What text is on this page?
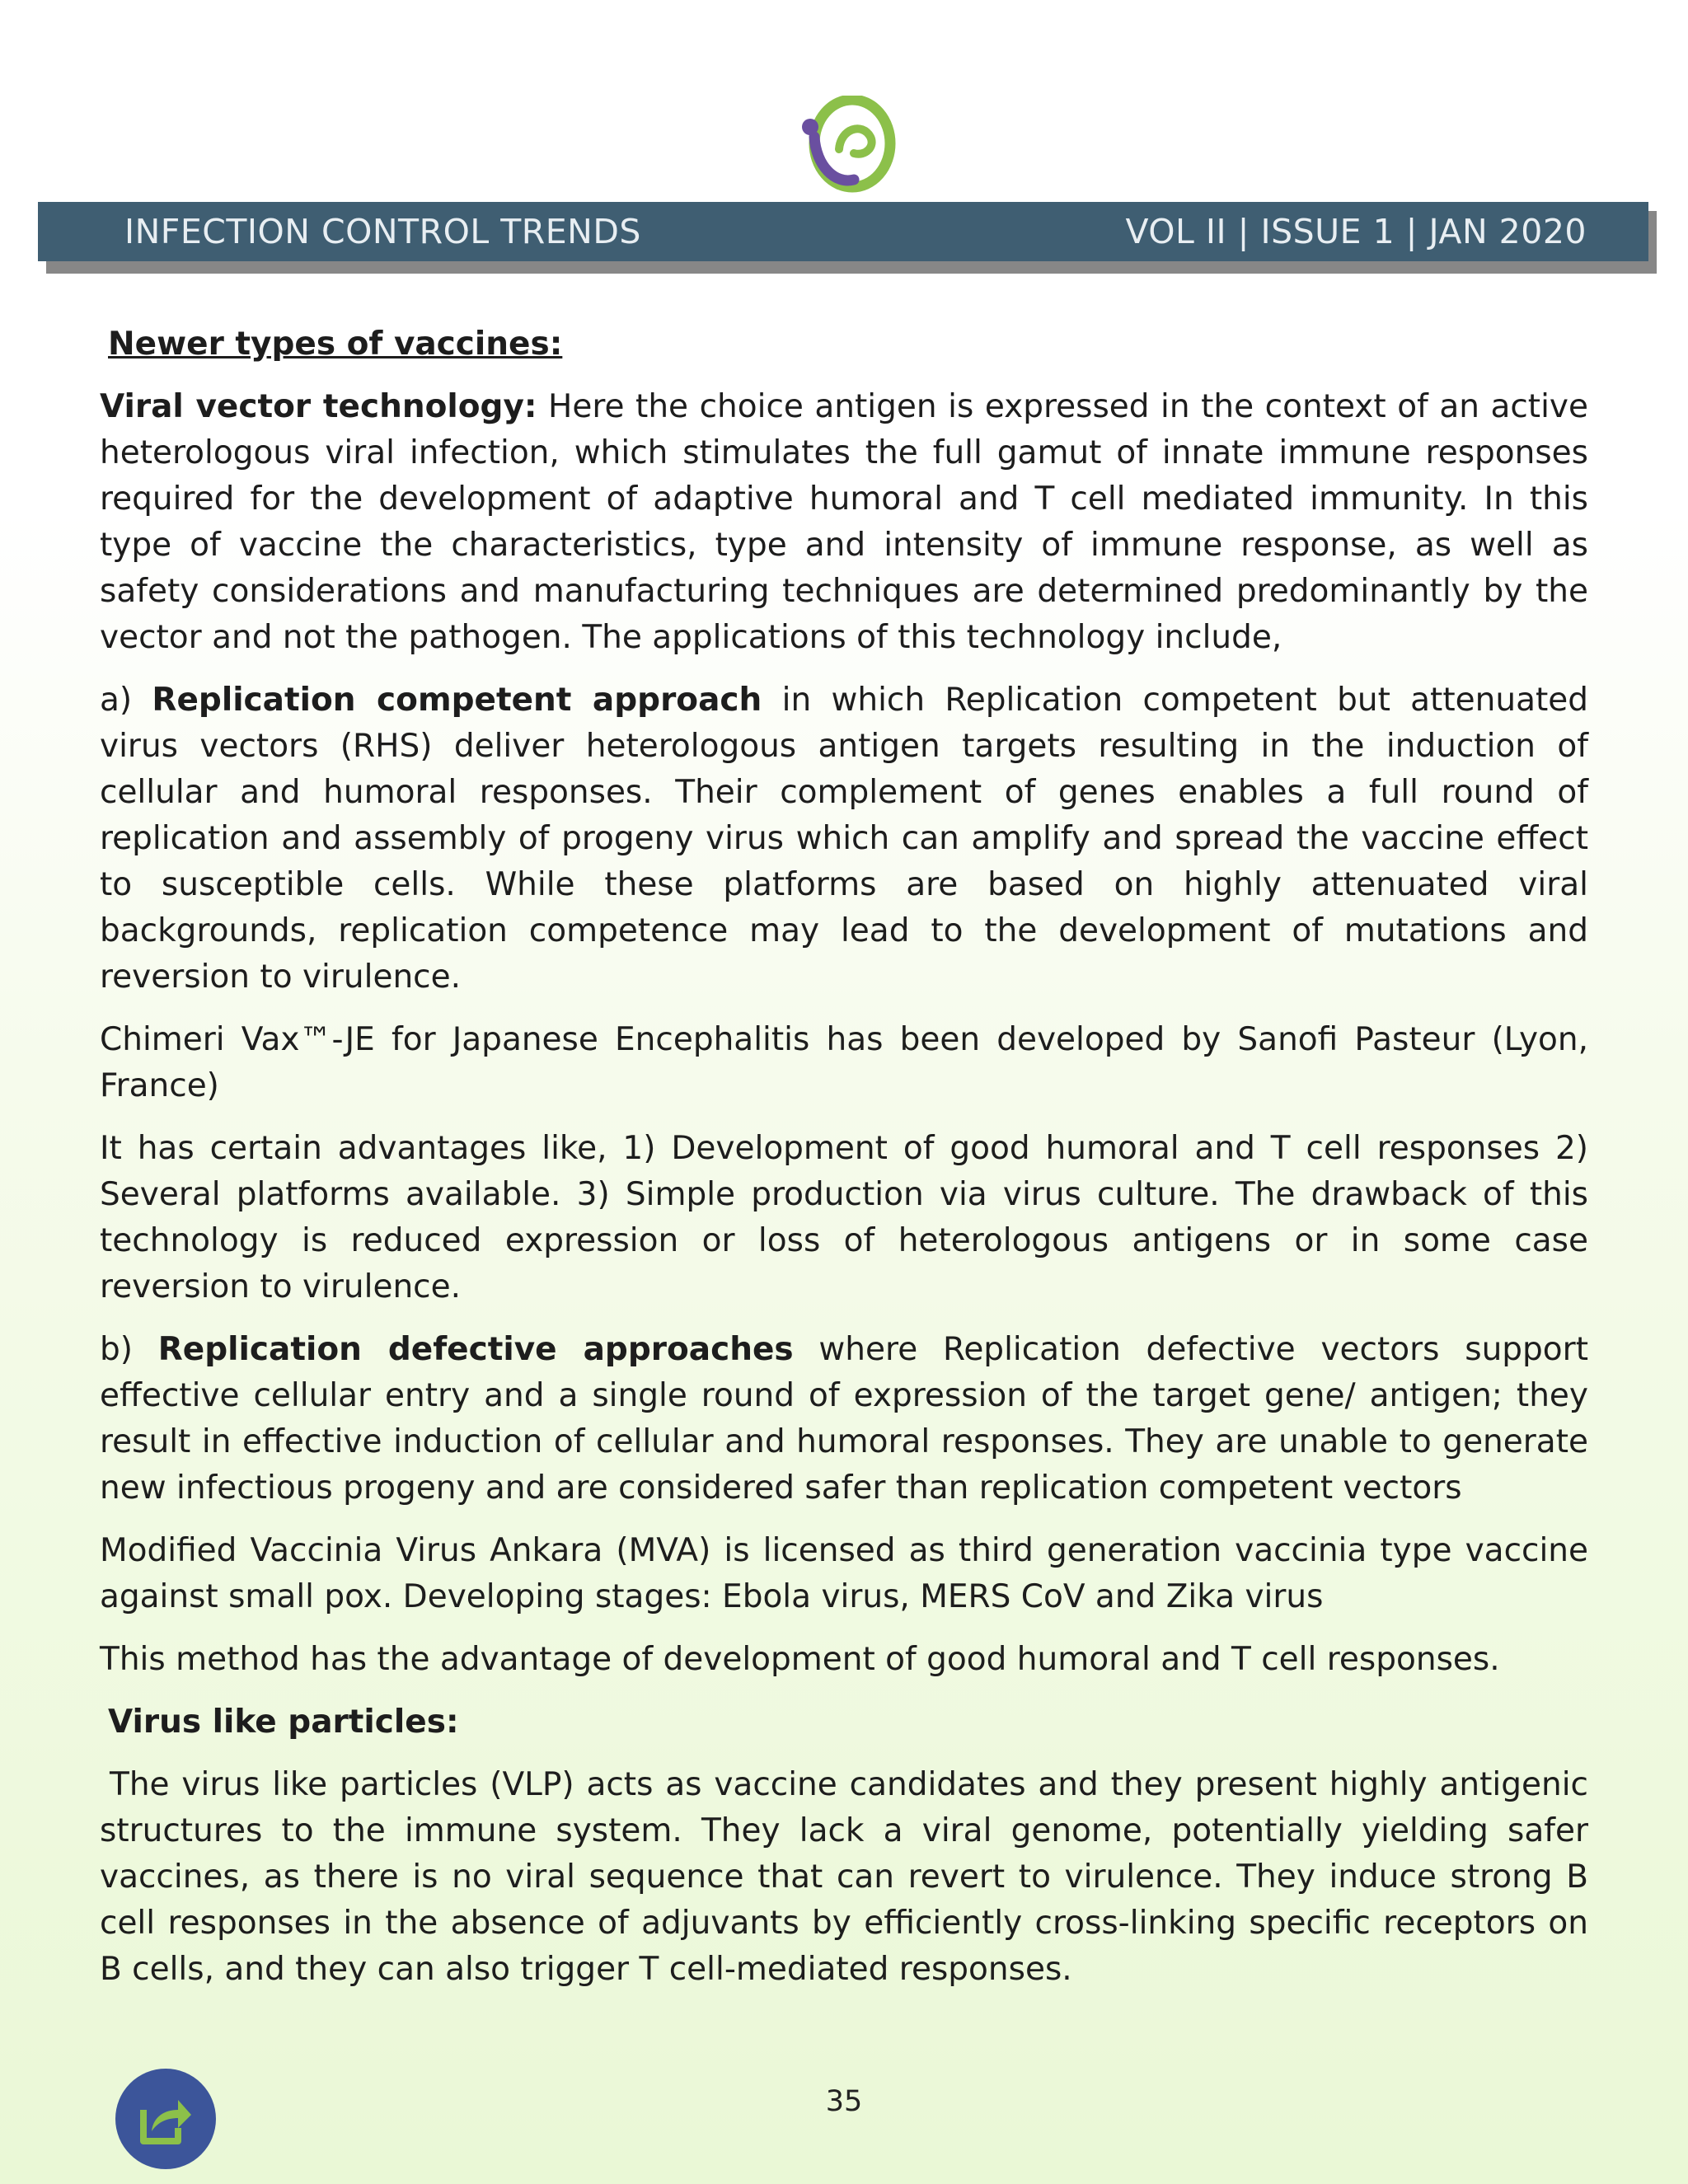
INFECTION CONTROL TRENDS	VOL II | ISSUE 1 | JAN 2020

Newer types of vaccines:

Viral vector technology: Here the choice antigen is expressed in the context of an active heterologous viral infection, which stimulates the full gamut of innate immune responses required for the development of adaptive humoral and T cell mediated immunity. In this type of vaccine the characteristics, type and intensity of immune response, as well as safety considerations and manufacturing techniques are determined predominantly by the vector and not the pathogen. The applications of this technology include,

a) Replication competent approach in which Replication competent but attenuated virus vectors (RHS) deliver heterologous antigen targets resulting in the induction of cellular and humoral responses. Their complement of genes enables a full round of replication and assembly of progeny virus which can amplify and spread the vaccine effect to susceptible cells. While these platforms are based on highly attenuated viral backgrounds, replication competence may lead to the development of mutations and reversion to virulence.

Chimeri Vax™-JE for Japanese Encephalitis has been developed by Sanofi Pasteur (Lyon, France)

It has certain advantages like, 1) Development of good humoral and T cell responses 2) Several platforms available. 3) Simple production via virus culture. The drawback of this technology is reduced expression or loss of heterologous antigens or in some case reversion to virulence.

b) Replication defective approaches where Replication defective vectors support effective cellular entry and a single round of expression of the target gene/ antigen; they result in effective induction of cellular and humoral responses. They are unable to generate new infectious progeny and are considered safer than replication competent vectors

Modified Vaccinia Virus Ankara (MVA) is licensed as third generation vaccinia type vaccine against small pox. Developing stages: Ebola virus, MERS CoV and Zika virus

This method has the advantage of development of good humoral and T cell responses.

Virus like particles:

The virus like particles (VLP) acts as vaccine candidates and they present highly antigenic structures to the immune system. They lack a viral genome, potentially yielding safer vaccines, as there is no viral sequence that can revert to virulence. They induce strong B cell responses in the absence of adjuvants by efficiently cross-linking specific receptors on B cells, and they can also trigger T cell-mediated responses.

35
